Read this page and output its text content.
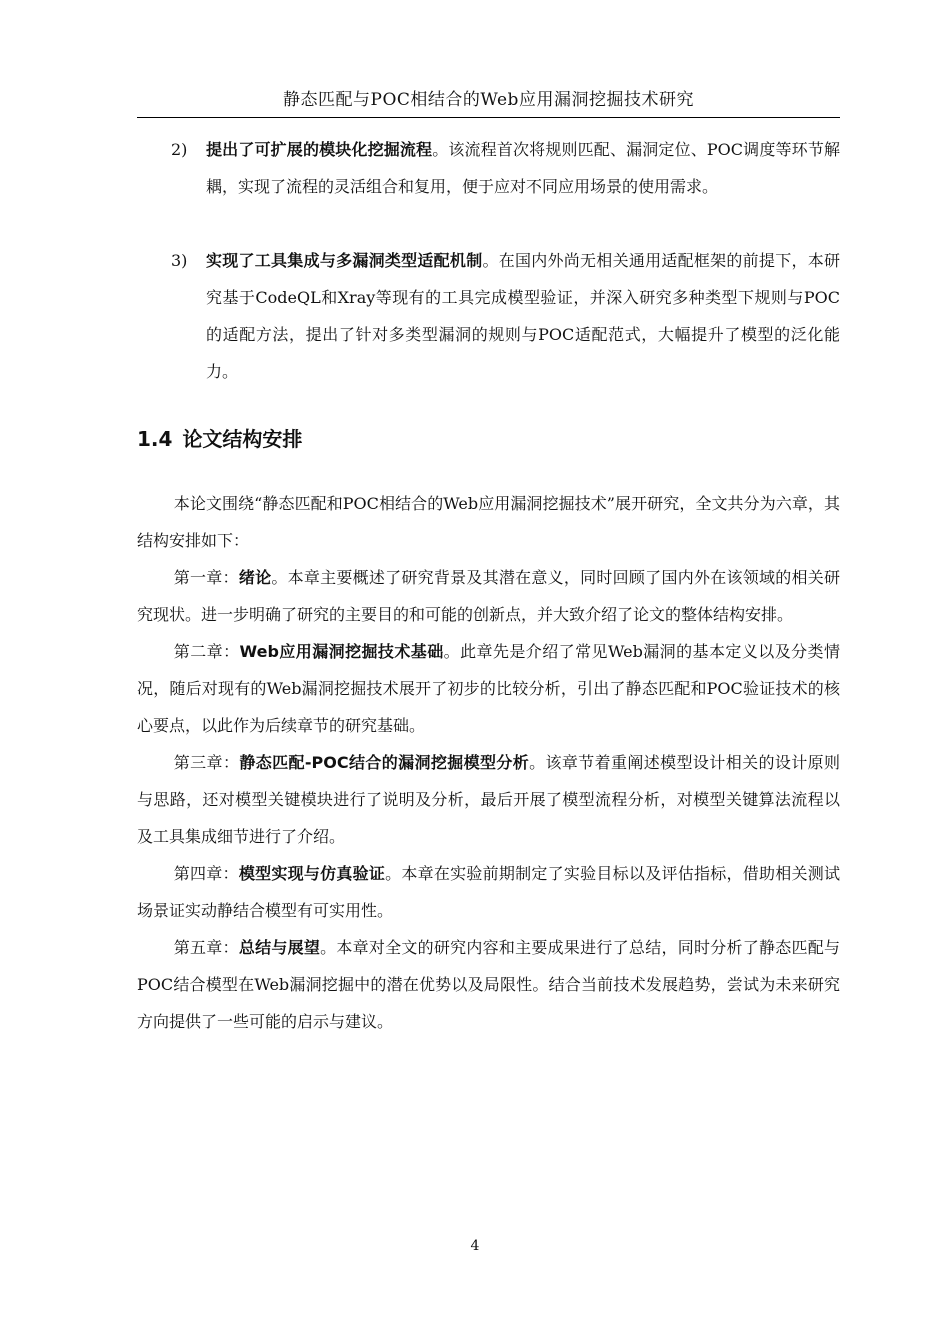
静态匹配与POC相结合的Web应用漏洞挖掘技术研究
2)	提出了可扩展的模块化挖掘流程。该流程首次将规则匹配、漏洞定位、POC调度等环节解耦，实现了流程的灵活组合和复用，便于应对不同应用场景的使用需求。
3)	实现了工具集成与多漏洞类型适配机制。在国内外尚无相关通用适配框架的前提下，本研究基于CodeQL和Xray等现有的工具完成模型验证，并深入研究多种类型下规则与POC的适配方法，提出了针对多类型漏洞的规则与POC适配范式，大幅提升了模型的泛化能力。
1.4 论文结构安排

本论文围绕“静态匹配和POC相结合的Web应用漏洞挖掘技术”展开研究，全文共分为六章，其结构安排如下：

第一章：绪论。本章主要概述了研究背景及其潜在意义，同时回顾了国内外在该领域的相关研究现状。进一步明确了研究的主要目的和可能的创新点，并大致介绍了论文的整体结构安排。

第二章：Web应用漏洞挖掘技术基础。此章先是介绍了常见Web漏洞的基本定义以及分类情况，随后对现有的Web漏洞挖掘技术展开了初步的比较分析，引出了静态匹配和POC验证技术的核心要点，以此作为后续章节的研究基础。

第三章：静态匹配-POC结合的漏洞挖掘模型分析。该章节着重阐述模型设计相关的设计原则与思路，还对模型关键模块进行了说明及分析，最后开展了模型流程分析，对模型关键算法流程以及工具集成细节进行了介绍。

第四章：模型实现与仿真验证。本章在实验前期制定了实验目标以及评估指标，借助相关测试场景证实动静结合模型有可实用性。

第五章：总结与展望。本章对全文的研究内容和主要成果进行了总结，同时分析了静态匹配与POC结合模型在Web漏洞挖掘中的潜在优势以及局限性。结合当前技术发展趋势，尝试为未来研究方向提供了一些可能的启示与建议。

4
